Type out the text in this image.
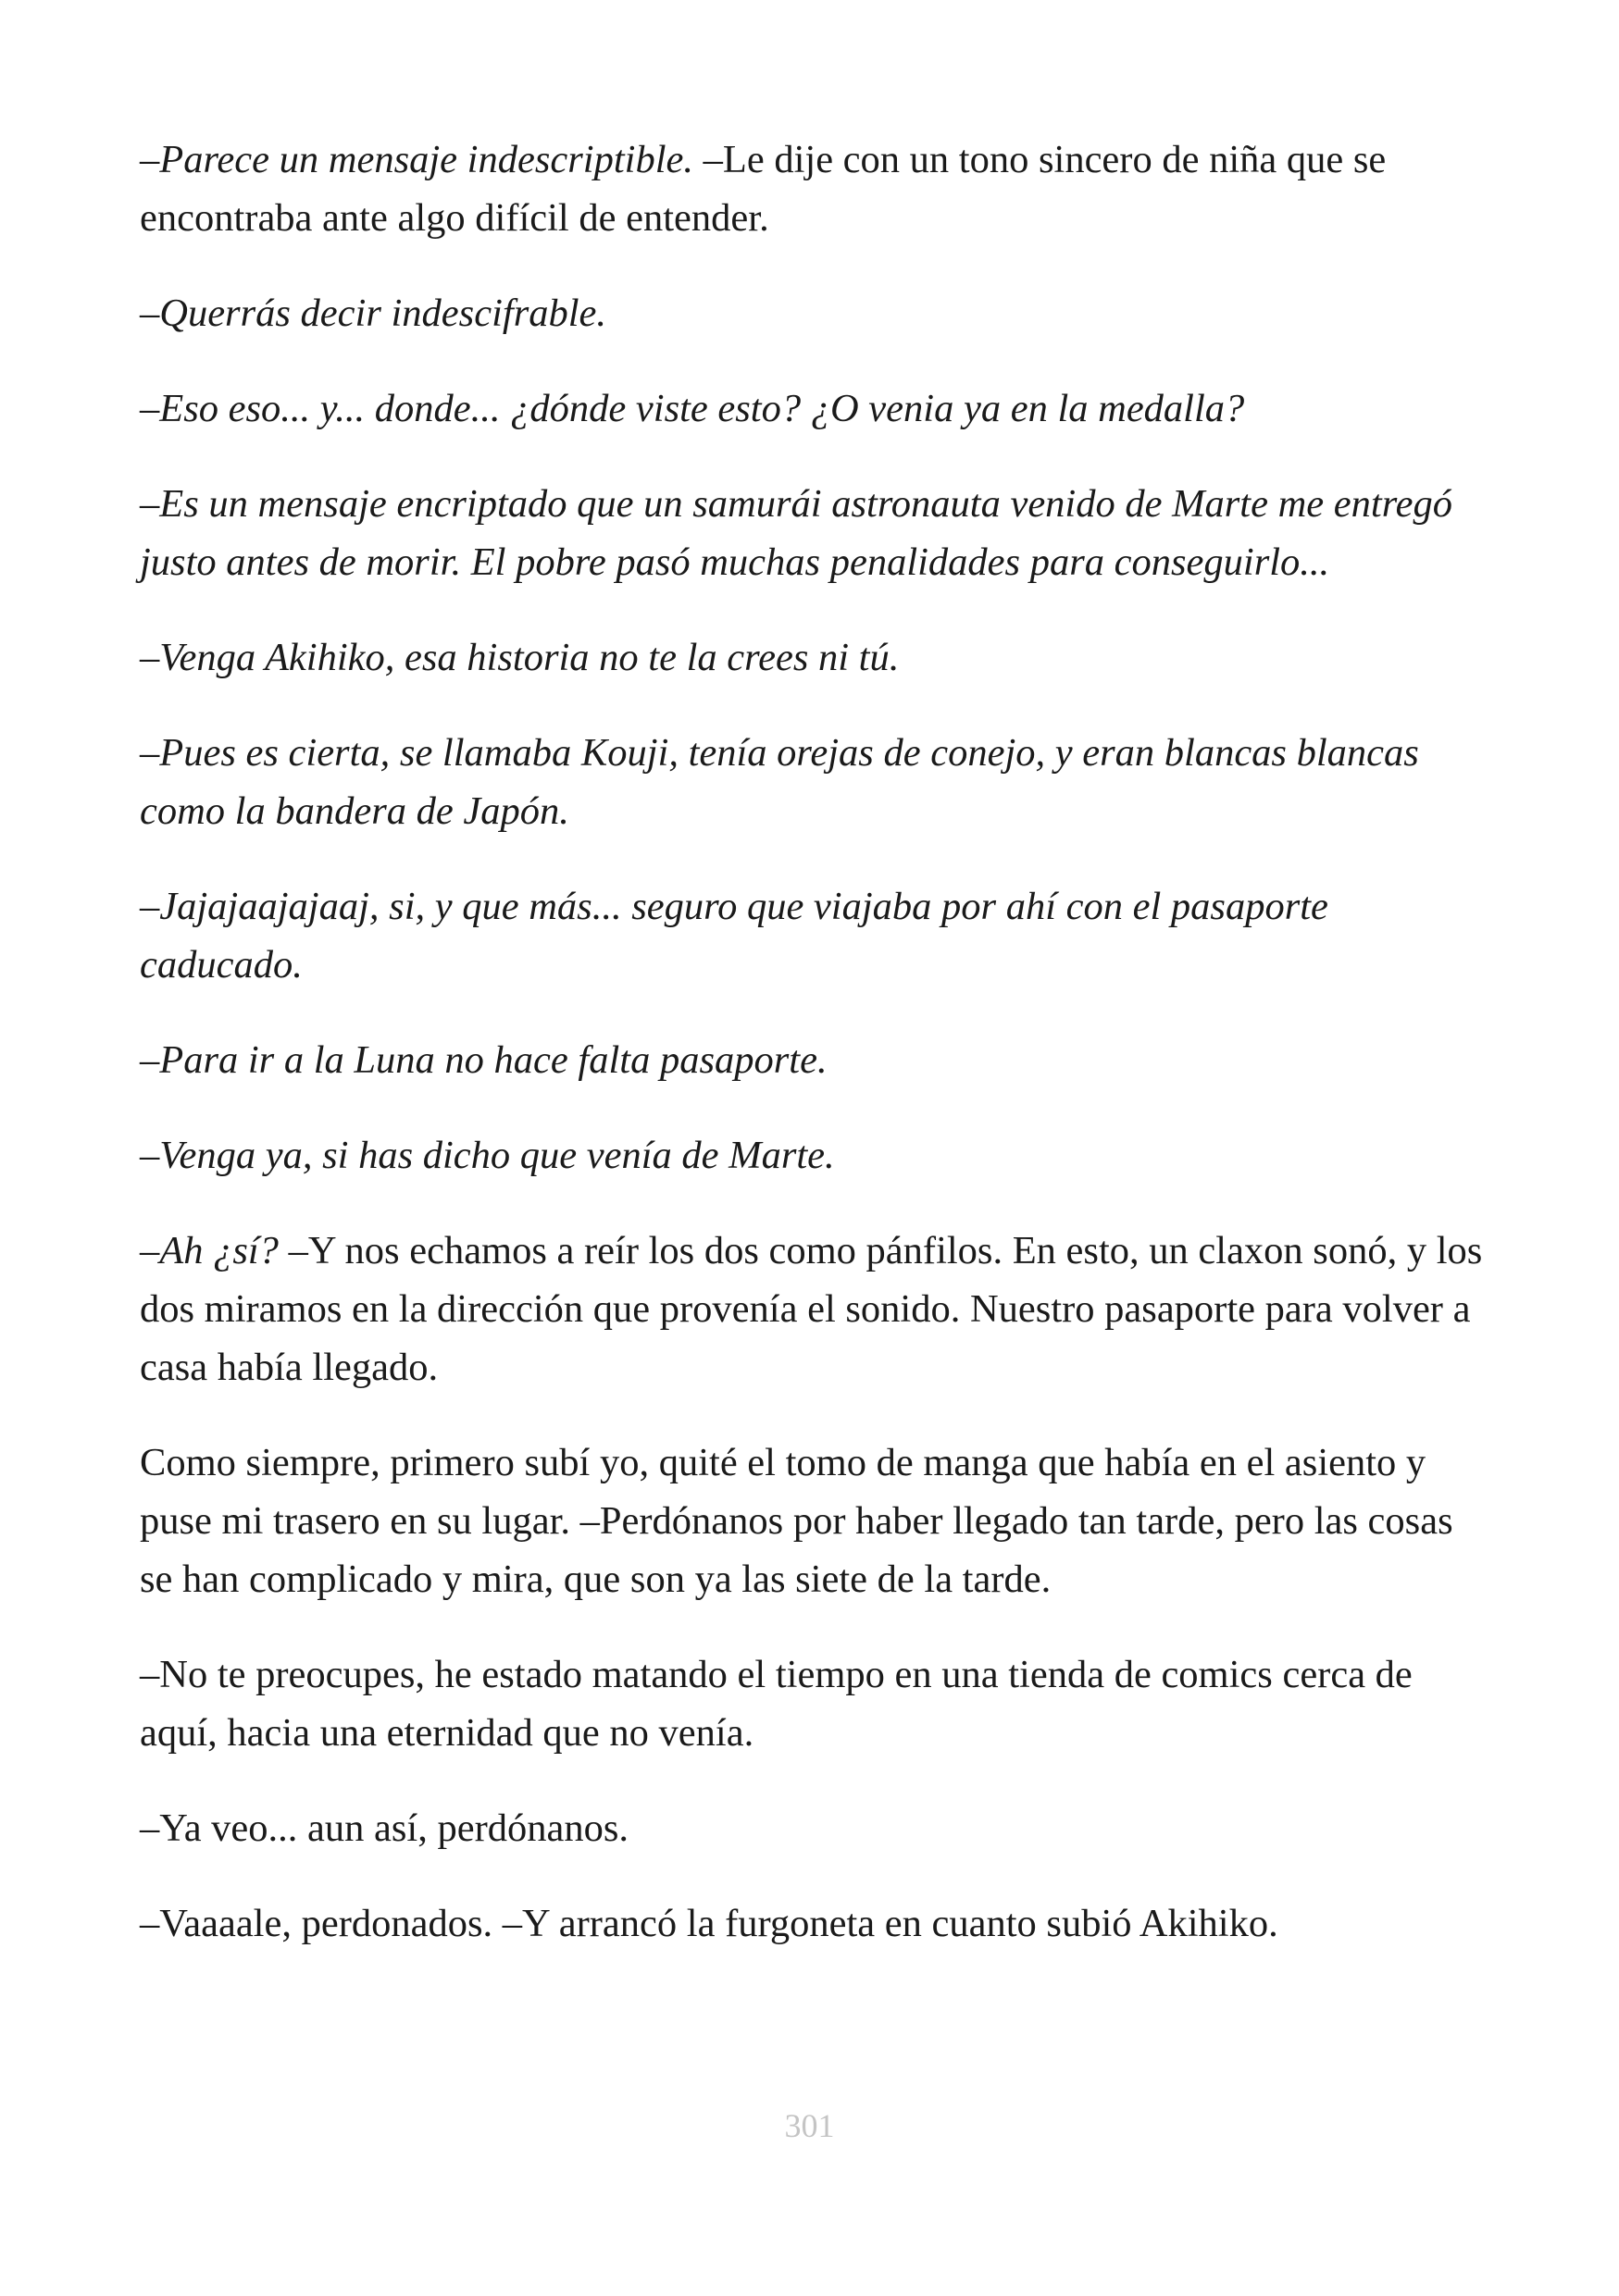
–Parece un mensaje indescriptible. –Le dije con un tono sincero de niña que se encontraba ante algo difícil de entender.

–Querrás decir indescifrable.

–Eso eso... y... donde... ¿dónde viste esto? ¿O venia ya en la medalla?

–Es un mensaje encriptado que un samurái astronauta venido de Marte me entregó justo antes de morir. El pobre pasó muchas penalidades para conseguirlo...

–Venga Akihiko, esa historia no te la crees ni tú.

–Pues es cierta, se llamaba Kouji, tenía orejas de conejo, y eran blancas blancas como la bandera de Japón.

–Jajajaajajaaj, si, y que más... seguro que viajaba por ahí con el pasaporte caducado.

–Para ir a la Luna no hace falta pasaporte.

–Venga ya, si has dicho que venía de Marte.

–Ah ¿sí? –Y nos echamos a reír los dos como pánfilos. En esto, un claxon sonó, y los dos miramos en la dirección que provenía el sonido. Nuestro pasaporte para volver a casa había llegado.

Como siempre, primero subí yo, quité el tomo de manga que había en el asiento y puse mi trasero en su lugar. –Perdónanos por haber llegado tan tarde, pero las cosas se han complicado y mira, que son ya las siete de la tarde.

–No te preocupes, he estado matando el tiempo en una tienda de comics cerca de aquí, hacia una eternidad que no venía.

–Ya veo... aun así, perdónanos.

–Vaaaale, perdonados. –Y arrancó la furgoneta en cuanto subió Akihiko.

301
